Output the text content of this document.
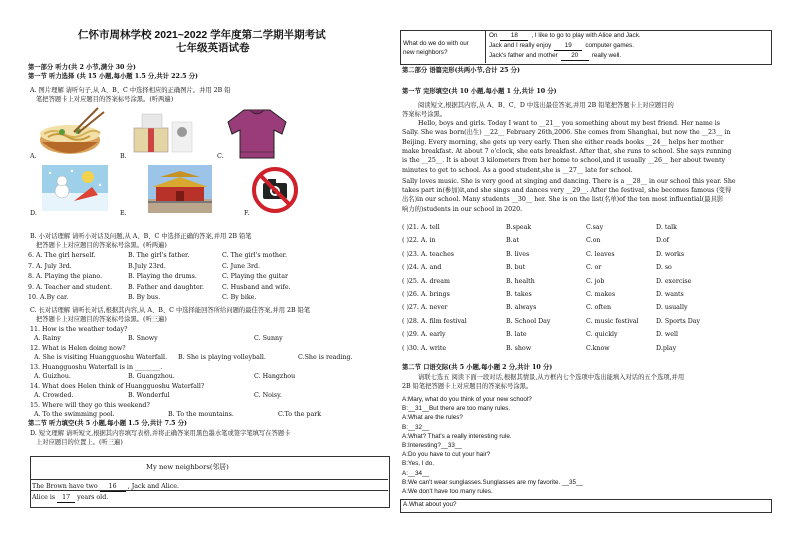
仁怀市周林学校 2021~2022 学年度第二学期半期考试
七年级英语试卷
第一部分 听力(共 2 小节,满分 30 分)
第一节 听力选择 (共 15 小题,每小题 1.5 分,共计 22.5 分)
A. 图片理解 请听句子,从 A、B、C 中选择相应的正确图片。并用 2B 铅
笔把答题卡上对应题目的答案标号涂黑。(听两遍)
A.	B.	C.
D.	E.	F.
B. 小对话理解 请听小对话及问题,从 A、B、C 中选择正确的答案,并用 2B 铅笔
把答题卡上对应题目的答案标号涂黑。(听两遍)
6. A. The girl herself.	B. The girl's father.	C. The girl's mother.
7. A. July 3rd.	B.July 23rd.	C. June 3rd.
8. A. Playing the piano.	B. Playing the drums.	C. Playing the guitar
9. A. Teacher and student.	B. Father and daughter.	C. Husband and wife.
10. A.By car.	B. By bus.	C. By bike.
C. 长对话理解 请听长对话,根据其内容,从 A、B、C 中选择能回答所给问题的最佳答案,并用 2B 铅笔
把答题卡上对应题目的答案标号涂黑。(听三遍)
11. How is the weather today?
A. Rainy	B. Snowy	C. Sunny
12. What is Helen doing now?
A. She is visiting Huangguoshu Waterfall. B. She is playing volleyball.	C.She is reading.
13. Huangguoshu Waterfall is in ________.
A. Guizhou.	B. Guangzhou.	C. Hangzhou
14. What does Helen think of Huangguoshu Waterfall?
A. Crowded.	B. Wonderful	C. Noisy.
15. Where will they go this weekend?
A. To the swimming pool.	B. To the mountains.	C.To the park
第二节 听力填空(共 5 小题,每小题 1.5 分,共计 7.5 分)
D. 短文理解 请听短文,根据其内容填写表格,并将正确答案用黑色墨水笔或签字笔填写在答题卡
上对应题目的位置上。(听三遍)
My new neighbors(邻居)
The Brown have two 16 , Jack and Alice.
Alice is 17 years old.
What do we do with our
new neighbors?
On 18 , I like to go to play with Alice and Jack.
Jack and I really enjoy 19 computer games.
Jack's father and mother 20 really well.
第二部分 语篇完形(共两小节,合计 25 分)
第一节 完形填空(共 10 小题,每小题 1 分,共计 10 分)
阅读短文,根据其内容,从 A、B、C、D 中选出最佳答案,并用 2B 铅笔把答题卡上对应题目的
答案标号涂黑。
Hello, boys and girls. Today I want to __21__ you something about my best friend. Her name is
Sally. She was born(出生) __22__ February 26th,2006. She comes from Shanghai, but now the __23__ in
Beijing. Every morning, she gets up very early. Then she either reads books __24__ helps her mother
make breakfast. At about 7 o'clock, she eats breakfast. After that, she runs to school. She says running
is the __25__. It is about 3 kilometers from her home to school,and it usually __26__ her about twenty
minutes to get to school. As a good student,she is __27__ late for school.
Sally loves music. She is very good at singing and dancing. There is a __28__ in our school this year. She
takes part in(参加)it,and she sings and dances very __29__. After the festival, she becomes famous (变得
出名)in our school. Many students __30__ her. She is on the list(名单)of the ten most influential(最具影
响力的)students in our school in 2020.
( )21. A. tell	B.speak	C.say	D. talk
( )22. A. in	B.at	C.on	D.of
( )23. A. teaches	B. lives	C. leaves	D. works
( )24. A. and	B. but	C. or	D. so
( )25. A. dream	B. health	C. job	D. exercise
( )26. A. brings	B. takes	C. makes	D. wants
( )27. A. never	B. always	C. often	D. usually
( )28. A. film festival	B. School Day	C. music festival	D. Sports Day
( )29. A. early	B. late	C. quickly	D. well
( )30. A. write	B. show	C.know	D.play
第二节 口语交际(共 5 小题,每小题 2 分,共计 10 分)
请联七选五 阅读下面一段对话,根据其情景,从方框内七个选项中选出能填入对话的五个选项,并用
2B 铅笔把答题卡上对应题目的答案标号涂黑。
A:Mary, what do you think of your new school?
B:__31__But there are too many rules.
A:What are the rules?
B:__32__
A:What? That's a really interesting rule.
B:Interesting?__33__
A:Do you have to cut your hair?
B:Yes, I do.
A:__34__
B:We can't wear sunglasses.Sunglasses are my favorite. __35__
A:We don't have too many rules.
A.What about you?
